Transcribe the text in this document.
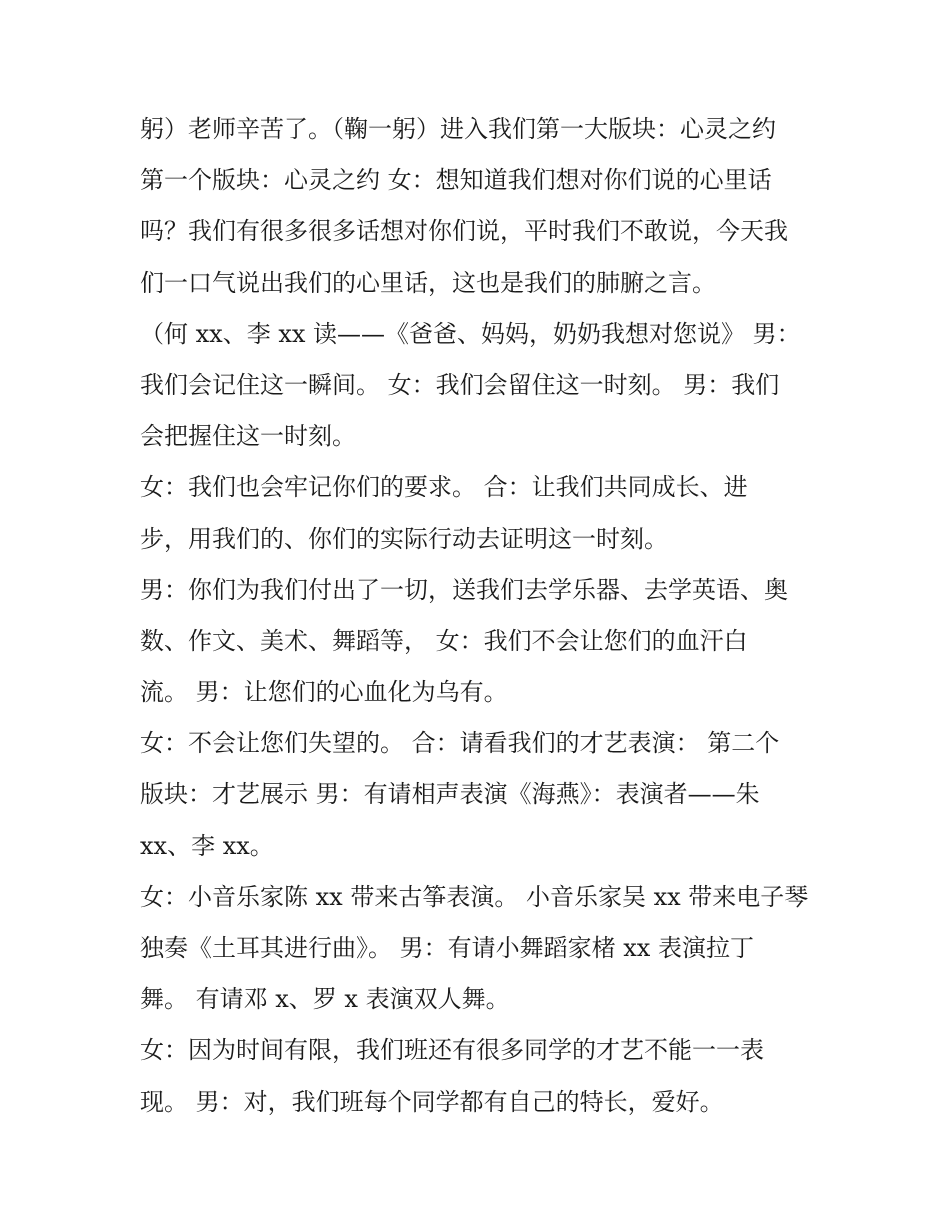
躬）老师辛苦了。（鞠一躬）进入我们第一大版块：心灵之约
第一个版块：心灵之约 女：想知道我们想对你们说的心里话
吗？我们有很多很多话想对你们说，平时我们不敢说，今天我
们一口气说出我们的心里话，这也是我们的肺腑之言。
（何 xx、李 xx 读——《爸爸、妈妈，奶奶我想对您说》 男：
我们会记住这一瞬间。 女：我们会留住这一时刻。 男：我们
会把握住这一时刻。
女：我们也会牢记你们的要求。 合：让我们共同成长、进
步，用我们的、你们的实际行动去证明这一时刻。
男：你们为我们付出了一切，送我们去学乐器、去学英语、奥
数、作文、美术、舞蹈等， 女：我们不会让您们的血汗白
流。 男：让您们的心血化为乌有。
女：不会让您们失望的。 合：请看我们的才艺表演： 第二个
版块：才艺展示 男：有请相声表演《海燕》：表演者——朱
xx、李 xx。
女：小音乐家陈 xx 带来古筝表演。 小音乐家吴 xx 带来电子琴
独奏《土耳其进行曲》。 男：有请小舞蹈家楮 xx 表演拉丁
舞。 有请邓 x、罗 x 表演双人舞。
女：因为时间有限，我们班还有很多同学的才艺不能一一表
现。 男：对，我们班每个同学都有自己的特长，爱好。
